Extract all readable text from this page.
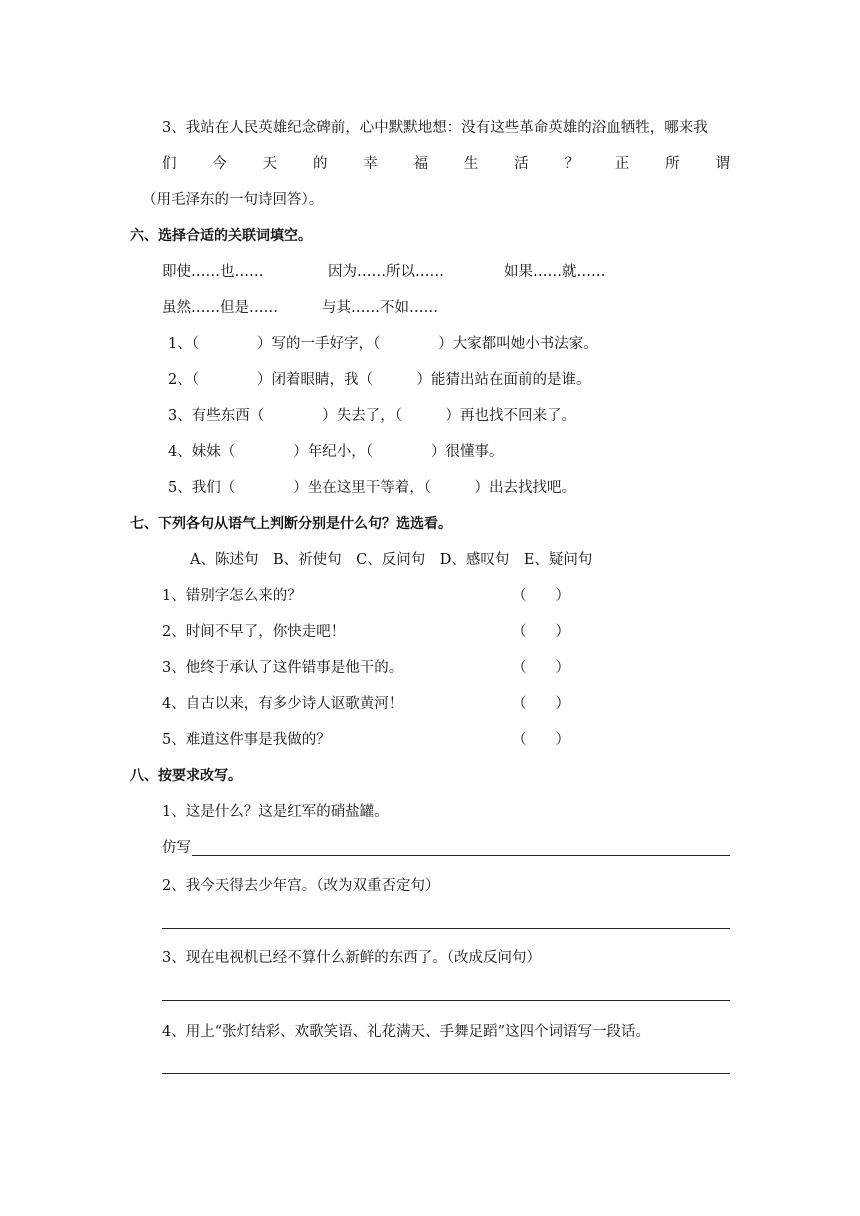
3、我站在人民英雄纪念碑前，心中默默地想：没有这些革命英雄的浴血牺牲，哪来我
们 今 天 的 幸 福 生 活 ？ 正 所 谓
（用毛泽东的一句诗回答）。
六、选择合适的关联词填空。
即使……也……	因为……所以……	如果……就……
虽然……但是……	与其……不如……
1、（　　　　）写的一手好字，（　　　　）大家都叫她小书法家。
2、（　　　　）闭着眼睛，我（　　　）能猜出站在面前的是谁。
3、有些东西（　　　　）失去了，（　　　）再也找不回来了。
4、妹妹（　　　　）年纪小，（　　　　）很懂事。
5、我们（　　　　）坐在这里干等着，（　　　）出去找找吧。
七、下列各句从语气上判断分别是什么句？选选看。
A、陈述句　B、祈使句　C、反问句　D、感叹句　E、疑问句
1、错别字怎么来的？	（　　）
2、时间不早了，你快走吧！	（　　）
3、他终于承认了这件错事是他干的。	（　　）
4、自古以来，有多少诗人讴歌黄河！	（　　）
5、难道这件事是我做的？	（　　）
八、按要求改写。
1、这是什么？这是红军的硝盐罐。
仿写
2、我今天得去少年宫。（改为双重否定句）
3、现在电视机已经不算什么新鲜的东西了。（改成反问句）
4、用上“张灯结彩、欢歌笑语、礼花满天、手舞足蹈”这四个词语写一段话。
